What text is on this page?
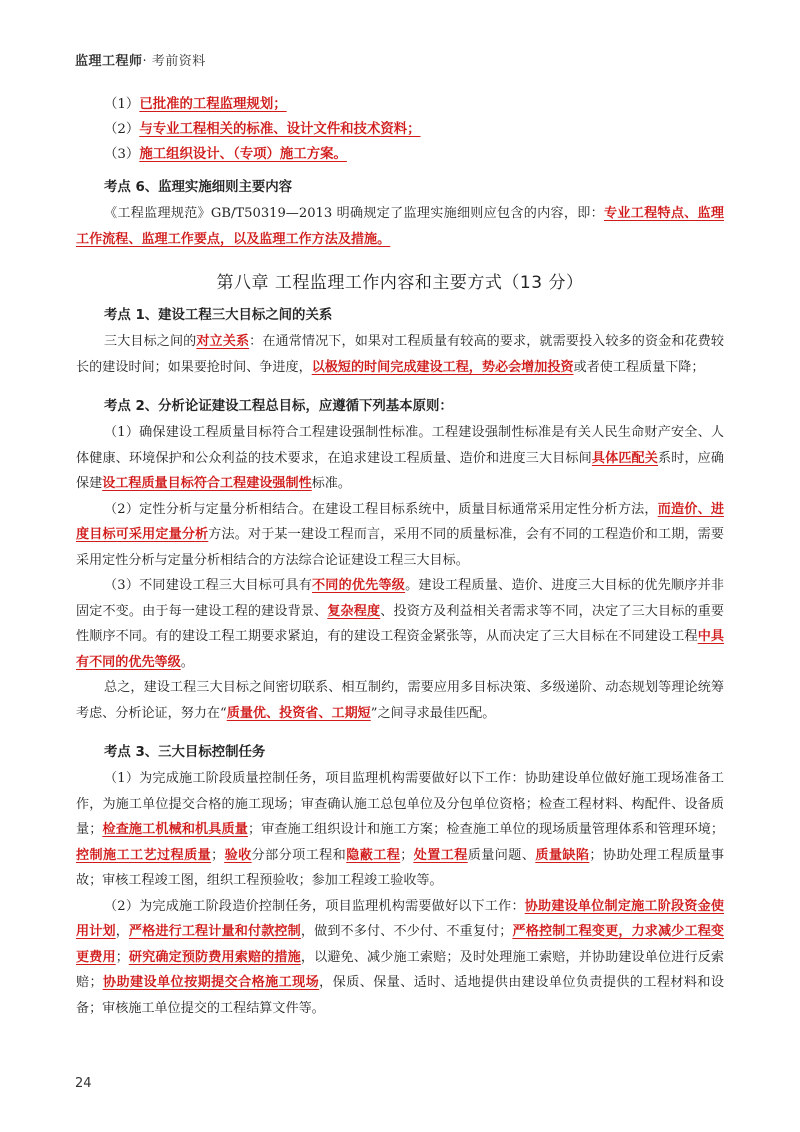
监理工程师· 考前资料
（1）已批准的工程监理规划；
（2）与专业工程相关的标准、设计文件和技术资料；
（3）施工组织设计、（专项）施工方案。
考点 6、监理实施细则主要内容
《工程监理规范》GB/T50319—2013 明确规定了监理实施细则应包含的内容，即：专业工程特点、监理工作流程、监理工作要点，以及监理工作方法及措施。
第八章 工程监理工作内容和主要方式（13 分）
考点 1、建设工程三大目标之间的关系
三大目标之间的对立关系：在通常情况下，如果对工程质量有较高的要求，就需要投入较多的资金和花费较长的建设时间；如果要抢时间、争进度，以极短的时间完成建设工程，势必会增加投资或者使工程质量下降；
考点 2、分析论证建设工程总目标，应遵循下列基本原则：
（1）确保建设工程质量目标符合工程建设强制性标准。工程建设强制性标准是有关人民生命财产安全、人体健康、环境保护和公众利益的技术要求，在追求建设工程质量、造价和进度三大目标间具体匹配关系时，应确保建设工程质量目标符合工程建设强制性标准。
（2）定性分析与定量分析相结合。在建设工程目标系统中，质量目标通常采用定性分析方法，而造价、进度目标可采用定量分析方法。对于某一建设工程而言，采用不同的质量标准，会有不同的工程造价和工期，需要采用定性分析与定量分析相结合的方法综合论证建设工程三大目标。
（3）不同建设工程三大目标可具有不同的优先等级。建设工程质量、造价、进度三大目标的优先顺序并非固定不变。由于每一建设工程的建设背景、复杂程度、投资方及利益相关者需求等不同，决定了三大目标的重要性顺序不同。有的建设工程工期要求紧迫，有的建设工程资金紧张等，从而决定了三大目标在不同建设工程中具有不同的优先等级。
总之，建设工程三大目标之间密切联系、相互制约，需要应用多目标决策、多级递阶、动态规划等理论统筹考虑、分析论证，努力在“质量优、投资省、工期短”之间寻求最佳匹配。
考点 3、三大目标控制任务
（1）为完成施工阶段质量控制任务，项目监理机构需要做好以下工作：协助建设单位做好施工现场准备工作，为施工单位提交合格的施工现场；审查确认施工总包单位及分包单位资格；检查工程材料、构配件、设备质量；检查施工机械和机具质量；审查施工组织设计和施工方案；检查施工单位的现场质量管理体系和管理环境；控制施工工艺过程质量；验收分部分项工程和隐蔽工程；处置工程质量问题、质量缺陷；协助处理工程质量事故；审核工程竣工图，组织工程预验收；参加工程竣工验收等。
（2）为完成施工阶段造价控制任务，项目监理机构需要做好以下工作：协助建设单位制定施工阶段资金使用计划，严格进行工程计量和付款控制，做到不多付、不少付、不重复付；严格控制工程变更，力求减少工程变更费用；研究确定预防费用索赔的措施，以避免、减少施工索赔；及时处理施工索赔，并协助建设单位进行反索赔；协助建设单位按期提交合格施工现场，保质、保量、适时、适地提供由建设单位负责提供的工程材料和设备；审核施工单位提交的工程结算文件等。
24
